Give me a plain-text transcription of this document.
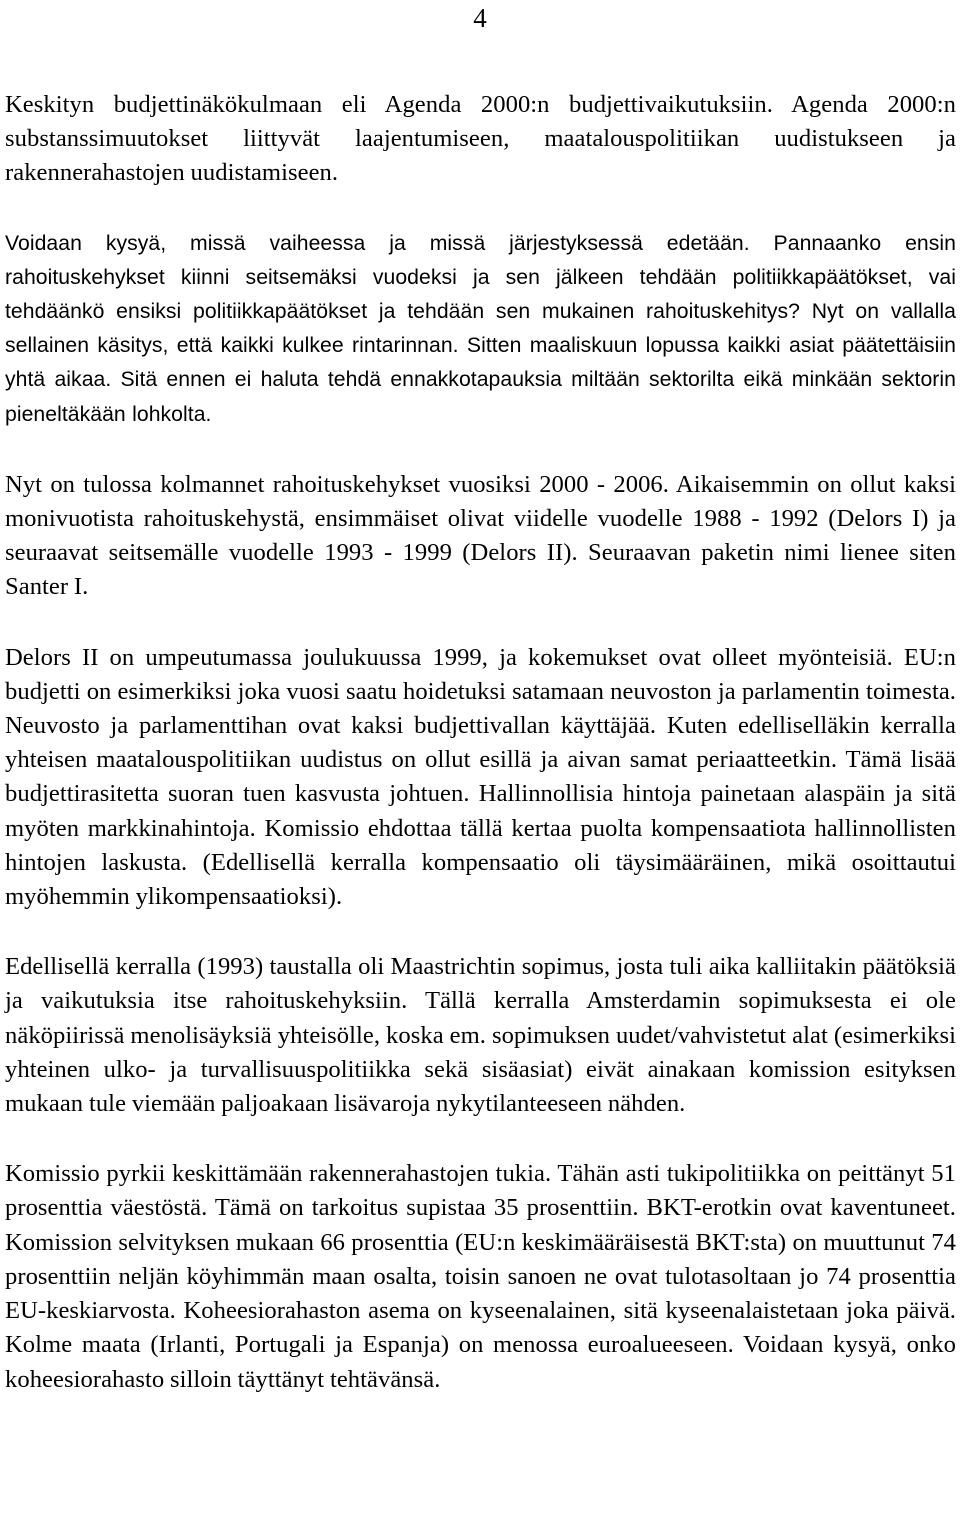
4

Keskityn budjettinäkökulmaan eli Agenda 2000:n budjettivaikutuksiin. Agenda 2000:n substanssimuutokset liittyvät laajentumiseen, maatalouspolitiikan uudistukseen ja rakennerahastojen uudistamiseen.

Voidaan kysyä, missä vaiheessa ja missä järjestyksessä edetään. Pannaanko ensin rahoituskehykset kiinni seitsemäksi vuodeksi ja sen jälkeen tehdään politiikkapäätökset, vai tehdäänkö ensiksi politiikkapäätökset ja tehdään sen mukainen rahoituskehitys? Nyt on vallalla sellainen käsitys, että kaikki kulkee rintarinnan. Sitten maaliskuun lopussa kaikki asiat päätettäisiin yhtä aikaa. Sitä ennen ei haluta tehdä ennakkotapauksia miltään sektorilta eikä minkään sektorin pieneltäkään lohkolta.

Nyt on tulossa kolmannet rahoituskehykset vuosiksi 2000 - 2006. Aikaisemmin on ollut kaksi monivuotista rahoituskehystä, ensimmäiset olivat viidelle vuodelle 1988 - 1992 (Delors I) ja seuraavat seitsemälle vuodelle 1993 - 1999 (Delors II). Seuraavan paketin nimi lienee siten Santer I.

Delors II on umpeutumassa joulukuussa 1999, ja kokemukset ovat olleet myönteisiä. EU:n budjetti on esimerkiksi joka vuosi saatu hoidetuksi satamaan neuvoston ja parlamentin toimesta. Neuvosto ja parlamenttihan ovat kaksi budjettivallan käyttäjää. Kuten edelliselläkin kerralla yhteisen maatalouspolitiikan uudistus on ollut esillä ja aivan samat periaatteetkin. Tämä lisää budjettirasitetta suoran tuen kasvusta johtuen. Hallinnollisia hintoja painetaan alaspäin ja sitä myöten markkinahintoja. Komissio ehdottaa tällä kertaa puolta kompensaatiota hallinnollisten hintojen laskusta. (Edellisellä kerralla kompensaatio oli täysimääräinen, mikä osoittautui myöhemmin ylikompensaatioksi).

Edellisellä kerralla (1993) taustalla oli Maastrichtin sopimus, josta tuli aika kalliitakin päätöksiä ja vaikutuksia itse rahoituskehyksiin. Tällä kerralla Amsterdamin sopimuksesta ei ole näköpiirissä menolisäyksiä yhteisölle, koska em. sopimuksen uudet/vahvistetut alat (esimerkiksi yhteinen ulko- ja turvallisuuspolitiikka sekä sisäasiat) eivät ainakaan komission esityksen mukaan tule viemään paljoakaan lisävaroja nykytilanteeseen nähden.

Komissio pyrkii keskittämään rakennerahastojen tukia. Tähän asti tukipolitiikka on peittänyt 51 prosenttia väestöstä. Tämä on tarkoitus supistaa 35 prosenttiin. BKT-erotkin ovat kaventuneet. Komission selvityksen mukaan 66 prosenttia (EU:n keskimääräisestä BKT:sta) on muuttunut 74 prosenttiin neljän köyhimmän maan osalta, toisin sanoen ne ovat tulotasoltaan jo 74 prosenttia EU-keskiarvosta. Koheesiorahaston asema on kyseenalainen, sitä kyseenalaistetaan joka päivä. Kolme maata (Irlanti, Portugali ja Espanja) on menossa euroalueeseen. Voidaan kysyä, onko koheesiorahasto silloin täyttänyt tehtävänsä.
